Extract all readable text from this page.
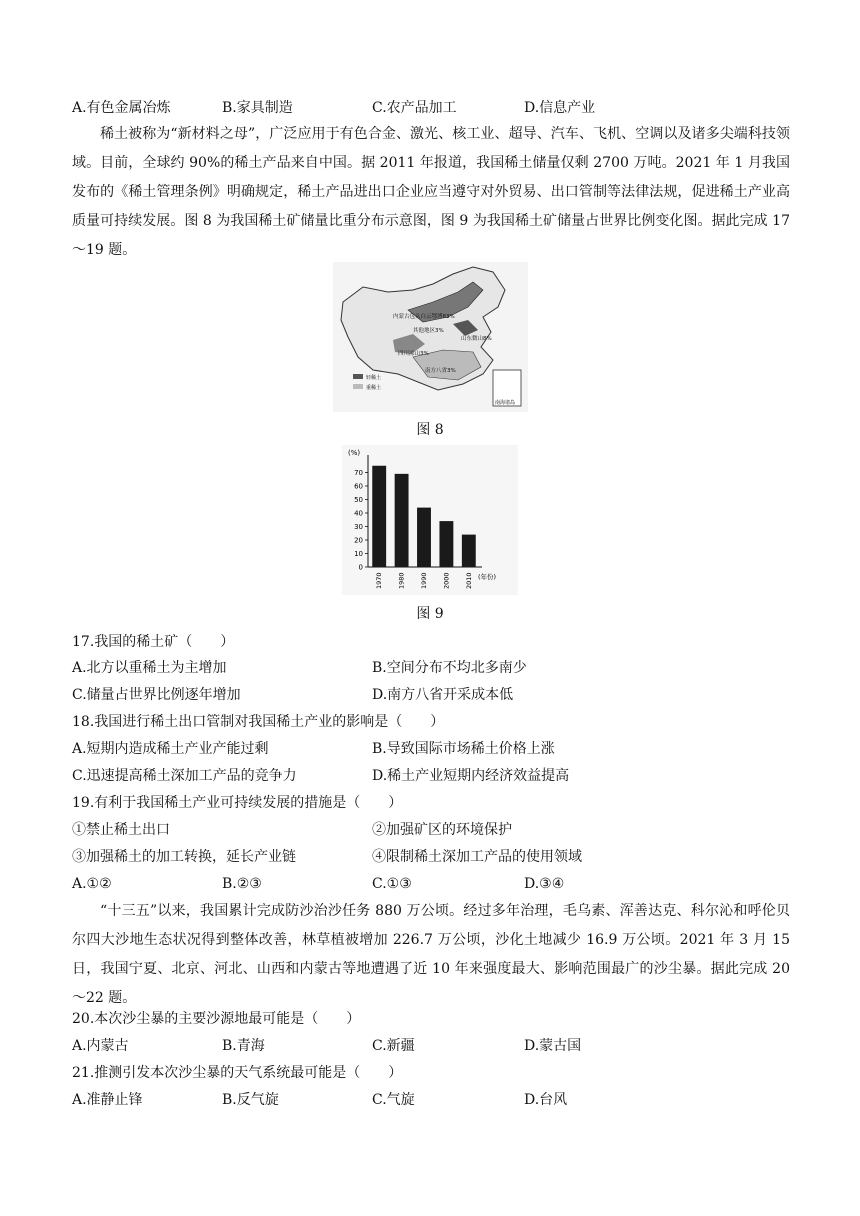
A.有色金属冶炼	B.家具制造	C.农产品加工	D.信息产业
稀土被称为“新材料之母”，广泛应用于有色合金、激光、核工业、超导、汽车、飞机、空调以及诸多尖端科技领域。目前，全球约 90%的稀土产品来自中国。据 2011 年报道，我国稀土储量仅剩 2700 万吨。2021 年 1 月我国发布的《稀土管理条例》明确规定，稀土产品进出口企业应当遵守对外贸易、出口管制等法律法规，促进稀土产业高质量可持续发展。图 8 为我国稀土矿储量比重分布示意图，图 9 为我国稀土矿储量占世界比例变化图。据此完成 17～19 题。
内蒙古包头白云鄂博83%
其他地区3%
山东微山8%
四川凉山3%
南方八省3%
轻稀土
重稀土
南海诸岛
图 8
(%)
(年份)
0
10
20
30
40
50
60
70
1970 1980 1990 2000 2010
图 9
17.我国的稀土矿（　　）
A.北方以重稀土为主增加	B.空间分布不均北多南少
C.储量占世界比例逐年增加	D.南方八省开采成本低
18.我国进行稀土出口管制对我国稀土产业的影响是（　　）
A.短期内造成稀土产业产能过剩	B.导致国际市场稀土价格上涨
C.迅速提高稀土深加工产品的竞争力	D.稀土产业短期内经济效益提高
19.有利于我国稀土产业可持续发展的措施是（　　）
①禁止稀土出口	②加强矿区的环境保护
③加强稀土的加工转换，延长产业链	④限制稀土深加工产品的使用领域
A.①②	B.②③	C.①③	D.③④
“十三五”以来，我国累计完成防沙治沙任务 880 万公顷。经过多年治理，毛乌素、浑善达克、科尔沁和呼伦贝尔四大沙地生态状况得到整体改善，林草植被增加 226.7 万公顷，沙化土地减少 16.9 万公顷。2021 年 3 月 15 日，我国宁夏、北京、河北、山西和内蒙古等地遭遇了近 10 年来强度最大、影响范围最广的沙尘暴。据此完成 20～22 题。
20.本次沙尘暴的主要沙源地最可能是（　　）
A.内蒙古	B.青海	C.新疆	D.蒙古国
21.推测引发本次沙尘暴的天气系统最可能是（　　）
A.准静止锋	B.反气旋	C.气旋	D.台风
